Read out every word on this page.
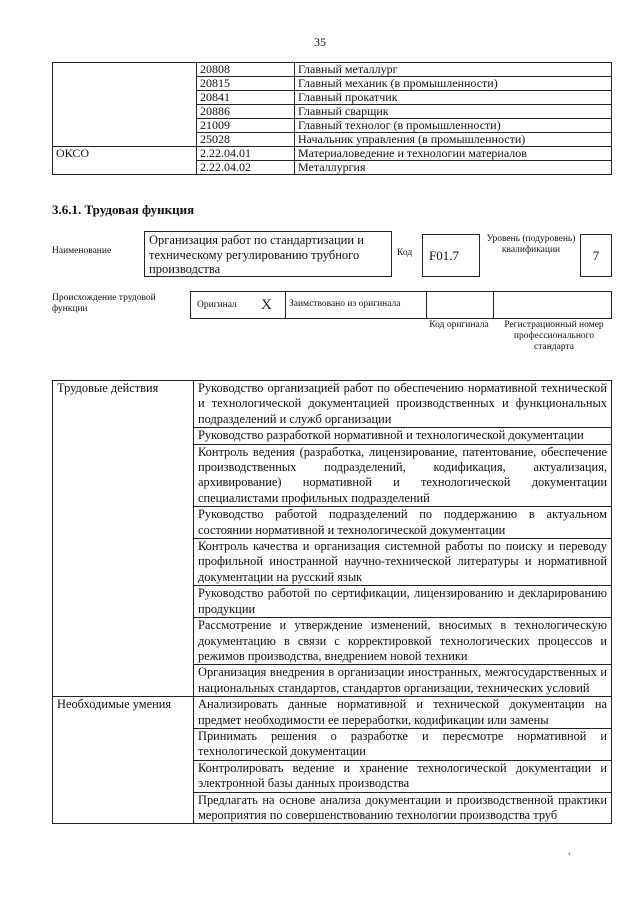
35
	20808	Главный металлург
	20815	Главный механик (в промышленности)
	20841	Главный прокатчик
	20886	Главный сварщик
	21009	Главный технолог (в промышленности)
	25028	Начальник управления (в промышленности)
ОКСО	2.22.04.01	Материаловедение и технологии материалов
	2.22.04.02	Металлургия
3.6.1. Трудовая функция
Наименование
Организация работ по стандартизации и техническому регулированию трубного производства
Код	F01.7
Уровень (подуровень) квалификации	7
Происхождение трудовой функции	Оригинал X	Заимствовано из оригинала
Код оригинала	Регистрационный номер профессионального стандарта
Трудовые действия	Руководство организацией работ по обеспечению нормативной технической и технологической документацией производственных и функциональных подразделений и служб организации
	Руководство разработкой нормативной и технологической документации
	Контроль ведения (разработка, лицензирование, патентование, обеспечение производственных подразделений, кодификация, актуализация, архивирование) нормативной и технологической документации специалистами профильных подразделений
	Руководство работой подразделений по поддержанию в актуальном состоянии нормативной и технологической документации
	Контроль качества и организация системной работы по поиску и переводу профильной иностранной научно-технической литературы и нормативной документации на русский язык
	Руководство работой по сертификации, лицензированию и декларированию продукции
	Рассмотрение и утверждение изменений, вносимых в технологическую документацию в связи с корректировкой технологических процессов и режимов производства, внедрением новой техники
	Организация внедрения в организации иностранных, межгосударственных и национальных стандартов, стандартов организации, технических условий
Необходимые умения	Анализировать данные нормативной и технической документации на предмет необходимости ее переработки, кодификации или замены
	Принимать решения о разработке и пересмотре нормативной и технологической документации
	Контролировать ведение и хранение технологической документации и электронной базы данных производства
	Предлагать на основе анализа документации и производственной практики мероприятия по совершенствованию технологии производства труб
‹
